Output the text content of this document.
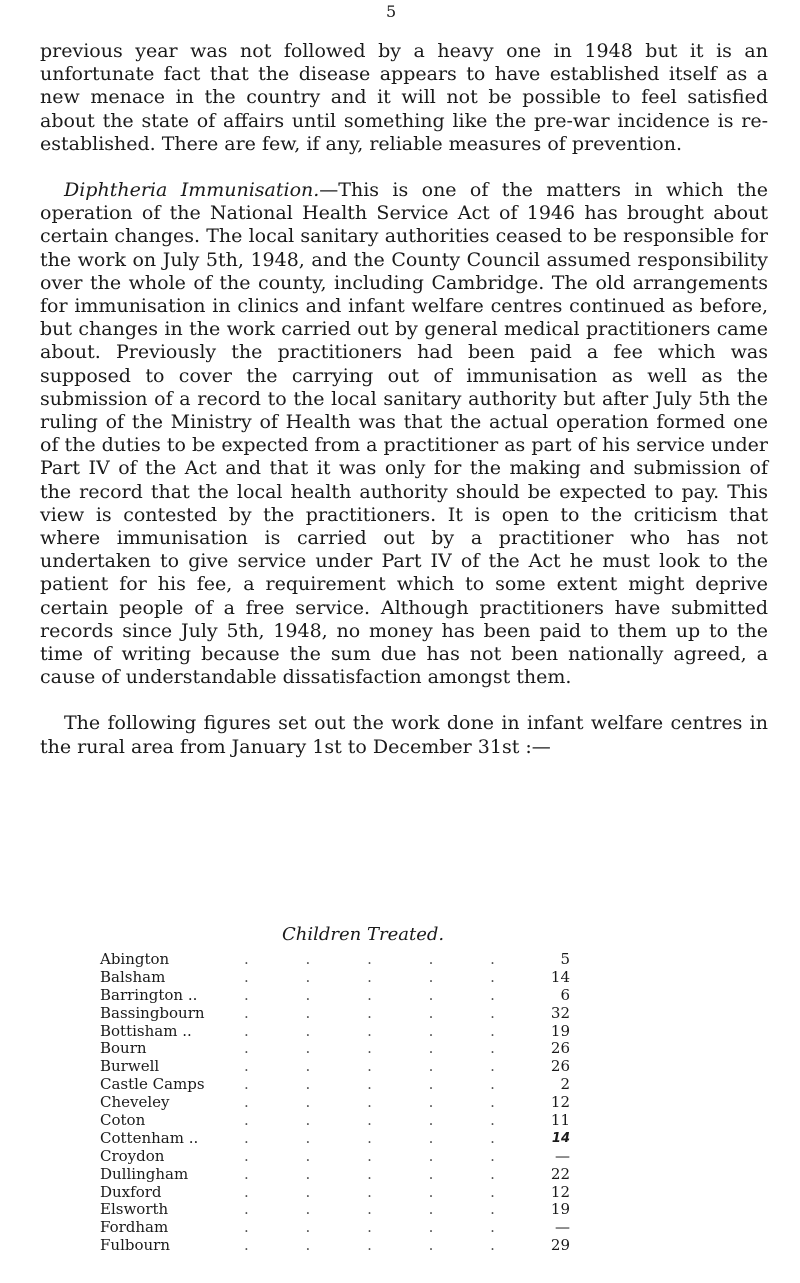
5

previous year was not followed by a heavy one in 1948 but it is an unfortunate fact that the disease appears to have established itself as a new menace in the country and it will not be possible to feel satisfied about the state of affairs until something like the pre-war incidence is re-established. There are few, if any, reliable measures of prevention.

Diphtheria Immunisation.—This is one of the matters in which the operation of the National Health Service Act of 1946 has brought about certain changes. The local sanitary authorities ceased to be responsible for the work on July 5th, 1948, and the County Council assumed responsibility over the whole of the county, including Cambridge. The old arrangements for immunisation in clinics and infant welfare centres continued as before, but changes in the work carried out by general medical practitioners came about. Previously the practitioners had been paid a fee which was supposed to cover the carrying out of immunisation as well as the submission of a record to the local sanitary authority but after July 5th the ruling of the Ministry of Health was that the actual operation formed one of the duties to be expected from a practitioner as part of his service under Part IV of the Act and that it was only for the making and submission of the record that the local health authority should be expected to pay. This view is contested by the practitioners. It is open to the criticism that where immunisation is carried out by a practitioner who has not undertaken to give service under Part IV of the Act he must look to the patient for his fee, a requirement which to some extent might deprive certain people of a free service. Although practitioners have submitted records since July 5th, 1948, no money has been paid to them up to the time of writing because the sum due has not been nationally agreed, a cause of understandable dissatisfaction amongst them.

The following figures set out the work done in infant welfare centres in the rural area from January 1st to December 31st :—

Children Treated.
Abington	. . . . .	5
Balsham	. . . . .	14
Barrington ..	. . . . .	6
Bassingbourn	. . . . .	32
Bottisham ..	. . . . .	19
Bourn	. . . . .	26
Burwell	. . . . .	26
Castle Camps	. . . . .	2
Cheveley	. . . . .	12
Coton	. . . . .	11
Cottenham ..	. . . . .	14
Croydon	. . . . .	—
Dullingham	. . . . .	22
Duxford	. . . . .	12
Elsworth	. . . . .	19
Fordham	. . . . .	—
Fulbourn	. . . . .	29
